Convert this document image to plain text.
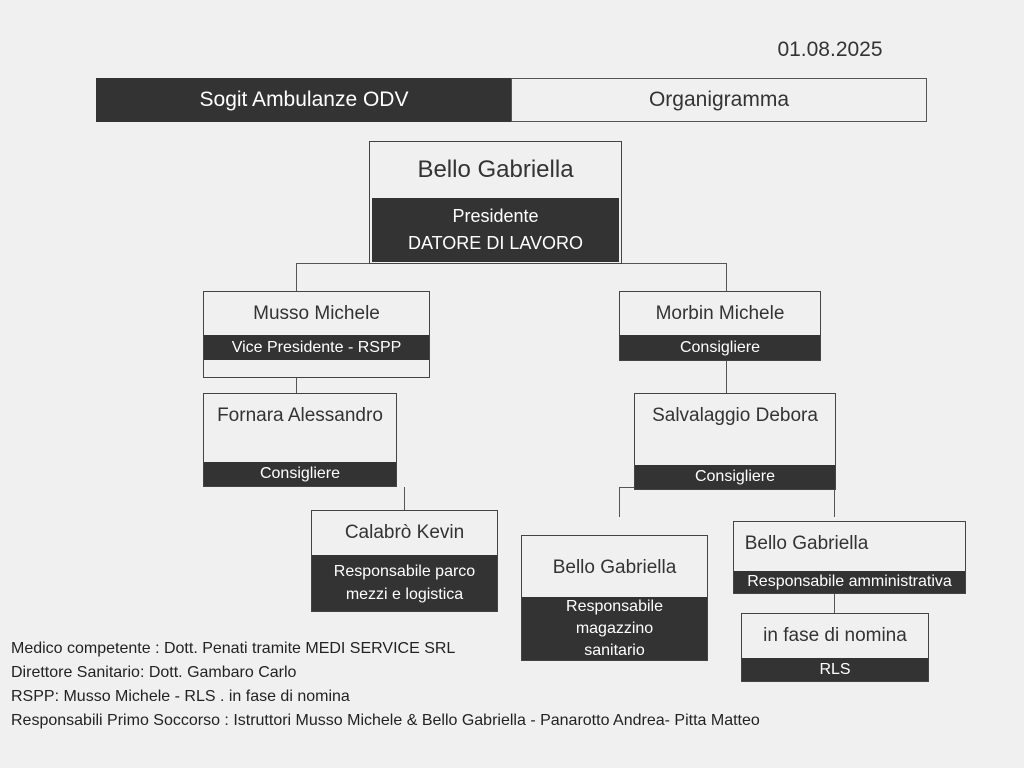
01.08.2025
Sogit Ambulanze ODV	Organigramma
Bello Gabriella
Presidente
DATORE DI LAVORO
Musso Michele
Vice Presidente - RSPP
Morbin Michele
Consigliere
Fornara Alessandro
Consigliere
Salvalaggio Debora
Consigliere
Calabrò Kevin
Responsabile parco
mezzi e logistica
Bello Gabriella
Responsabile
magazzino
sanitario
Bello Gabriella
Responsabile amministrativa
in fase di nomina
RLS
Medico competente : Dott. Penati tramite MEDI SERVICE SRL
Direttore Sanitario: Dott. Gambaro Carlo
RSPP: Musso Michele - RLS . in fase di nomina
Responsabili Primo Soccorso : Istruttori Musso Michele & Bello Gabriella - Panarotto Andrea- Pitta Matteo
